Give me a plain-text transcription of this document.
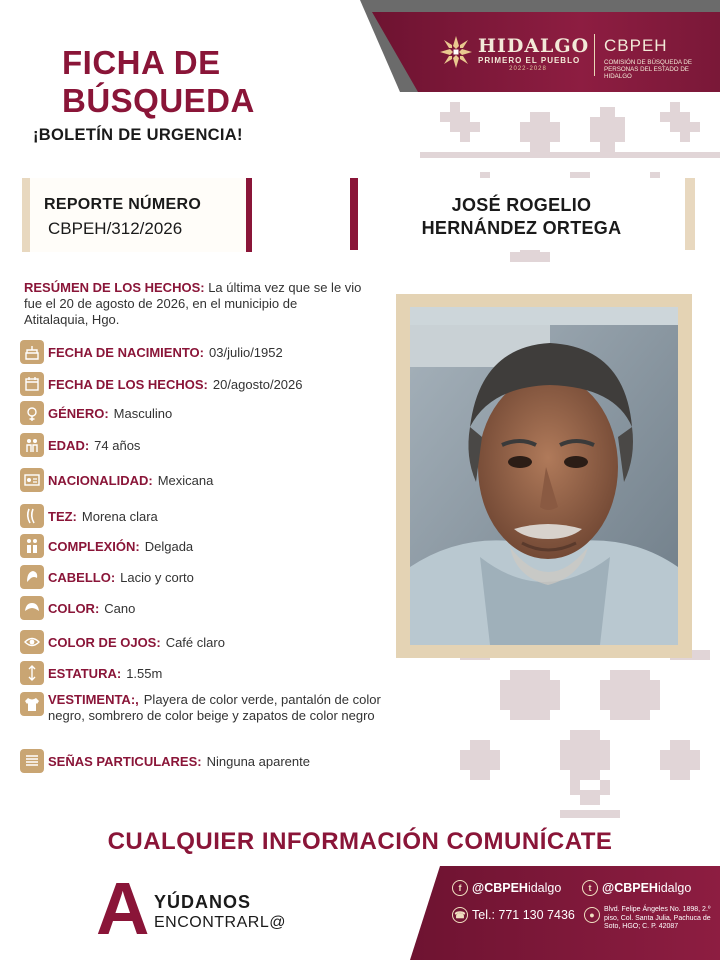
HIDALGO
PRIMERO EL PUEBLO
2022-2028
CBPEH
COMISIÓN DE BÚSQUEDA DE PERSONAS DEL ESTADO DE HIDALGO
FICHA DE
BÚSQUEDA
¡BOLETÍN DE URGENCIA!
REPORTE NÚMERO
CBPEH/312/2026
JOSÉ ROGELIO
HERNÁNDEZ ORTEGA
RESÚMEN DE LOS HECHOS: La última vez que se le vio fue el 20 de agosto de 2026, en el municipio de Atitalaquia, Hgo.
FECHA DE NACIMIENTO: 03/julio/1952
FECHA DE LOS HECHOS: 20/agosto/2026
GÉNERO: Masculino
EDAD: 74 años
NACIONALIDAD: Mexicana
TEZ: Morena clara
COMPLEXIÓN: Delgada
CABELLO: Lacio y corto
COLOR: Cano
COLOR DE OJOS: Café claro
ESTATURA: 1.55m
VESTIMENTA:, Playera de color verde, pantalón de color negro, sombrero de color beige y zapatos de color negro
SEÑAS PARTICULARES: Ninguna aparente
CUALQUIER INFORMACIÓN COMUNÍCATE
A YÚDANOS
ENCONTRARL@
f @CBPEH idalgo	t @CBPEH idalgo
☎ Tel.: 771 130 7436	●
Blvd. Felipe Ángeles No. 1898, 2.º piso, Col. Santa Julia, Pachuca de Soto, HGO; C. P. 42087
